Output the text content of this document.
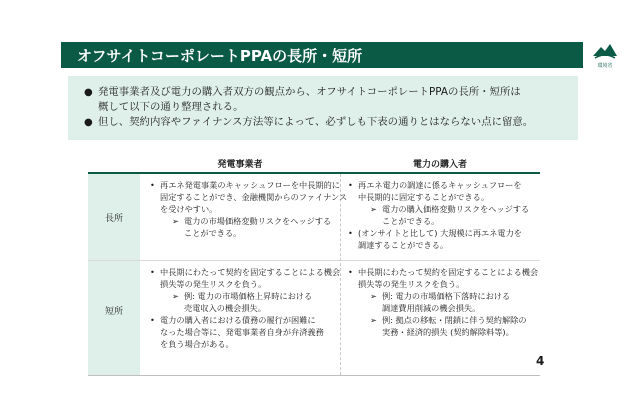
オフサイトコーポレートPPAの長所・短所
環境省
● 発電事業者及び電力の購入者双方の観点から、オフサイトコーポレートPPAの長所・短所は
概して以下の通り整理される。
● 但し、契約内容やファイナンス方法等によって、必ずしも下表の通りとはならない点に留意。
発電事業者	電力の購入者
長所
短所
• 再エネ発電事業のキャッシュフローを中長期的に
固定することができ、金融機関からのファイナンス
を受けやすい。
➢ 電力の市場価格変動リスクをヘッジする
ことができる。
• 再エネ電力の調達に係るキャッシュフローを
中長期的に固定することができる。
➢ 電力の購入価格変動リスクをヘッジする
ことができる。
• (オンサイトと比して) 大規模に再エネ電力を
調達することができる。
• 中長期にわたって契約を固定することによる機会
損失等の発生リスクを負う。
➢ 例: 電力の市場価格上昇時における
売電収入の機会損失。
• 電力の購入者における債務の履行が困難に
なった場合等に、発電事業者自身が弁済義務
を負う場合がある。
• 中長期にわたって契約を固定することによる機会
損失等の発生リスクを負う。
➢ 例: 電力の市場価格下落時における
調達費用削減の機会損失。
➢ 例: 拠点の移転・閉鎖に伴う契約解除の
実務・経済的損失 (契約解除料等)。
4
